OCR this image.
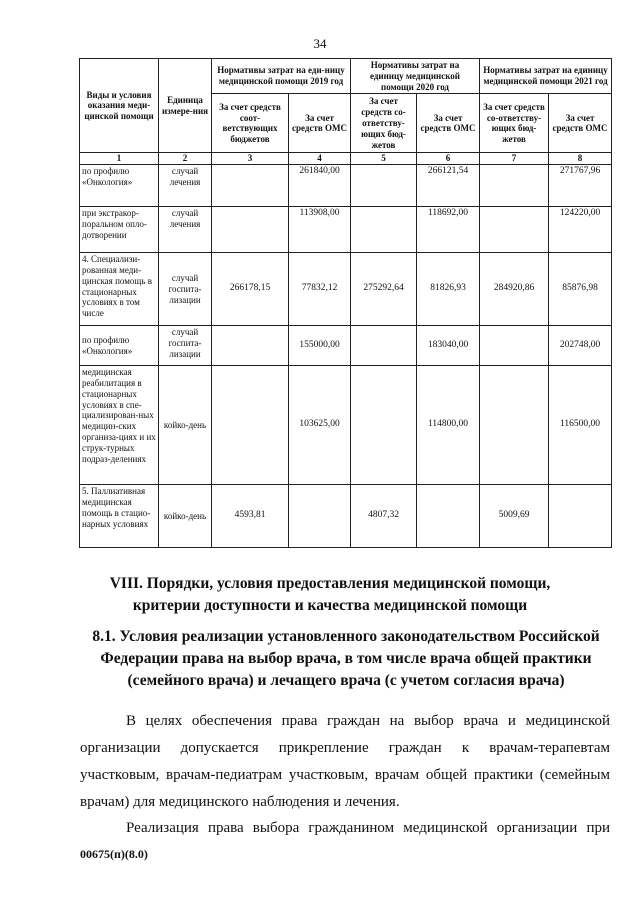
34
Виды и условия оказания меди-цинской помощи	Единица измере-ния	Нормативы затрат на еди-ницу медицинской помощи 2019 год		Нормативы затрат на единицу медицинской помощи 2020 год		Нормативы затрат на единицу медицинской помощи 2021 год	
		За счет средств соот-ветствующих бюджетов	За счет средств ОМС	За счет средств со-ответству-ющих бюд-жетов	За счет средств ОМС	За счет средств со-ответству-ющих бюд-жетов	За счет средств ОМС
1	2	3	4	5	6	7	8
по профилю «Онкология»	случай лечения		261840,00		266121,54		271767,96
при экстракор-поральном опло-дотворении	случай лечения		113908,00		118692,00		124220,00
4. Специализи-рованная меди-цинская помощь в стационарных условиях в том числе	случай госпита-лизации	266178,15	77832,12	275292,64	81826,93	284920,86	85876,98
по профилю «Онкология»	случай госпита-лизации		155000,00		183040,00		202748,00
медицинская реабилитация в стационарных условиях в спе-циализирован-ных медицин-ских организа-циях и их струк-турных подраз-делениях	койко-день		103625,00		114800,00		116500,00
5. Паллиативная медицинская помощь в стацио-нарных условиях	койко-день	4593,81		4807,32		5009,69	
VIII. Порядки, условия предоставления медицинской помощи, критерии доступности и качества медицинской помощи
8.1. Условия реализации установленного законодательством Российской Федерации права на выбор врача, в том числе врача общей практики (семейного врача) и лечащего врача (с учетом согласия врача)

В целях обеспечения права граждан на выбор врача и медицинской организации допускается прикрепление граждан к врачам-терапевтам участковым, врачам-педиатрам участковым, врачам общей практики (семейным врачам) для медицинского наблюдения и лечения.

Реализация права выбора гражданином медицинской организации при

00675(п)(8.0)
